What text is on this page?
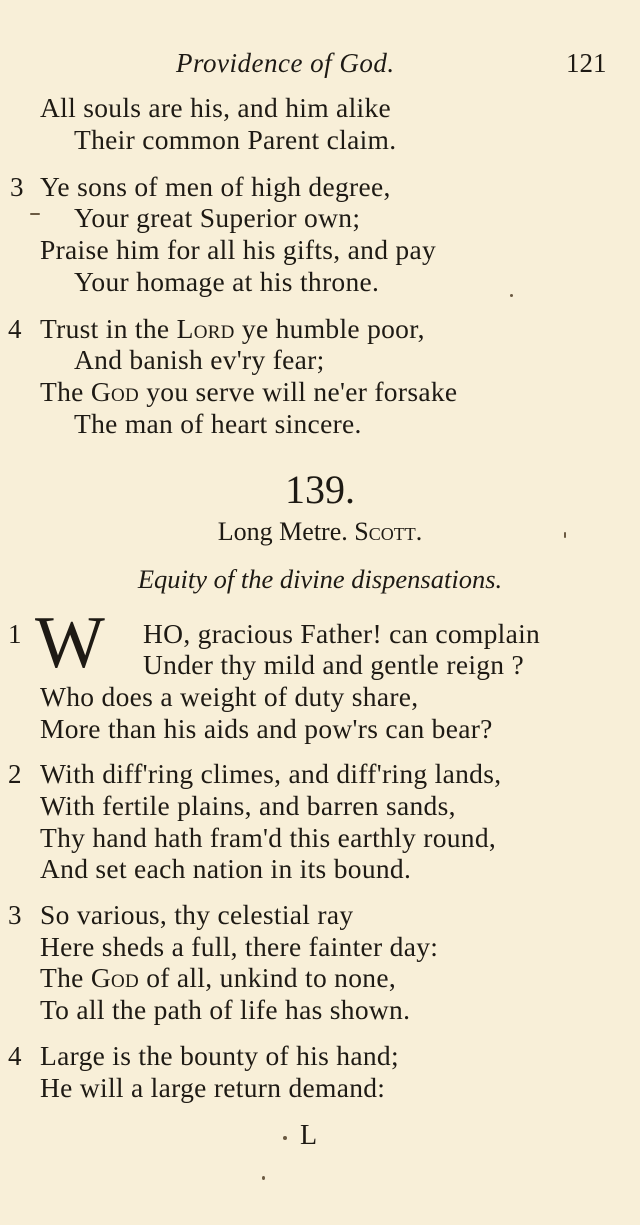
Providence of God.	121
All souls are his, and him alike
Their common Parent claim.
3 Ye sons of men of high degree,
Your great Superior own;
Praise him for all his gifts, and pay
Your homage at his throne.
4 Trust in the Lord ye humble poor,
And banish ev'ry fear;
The God you serve will ne'er forsake
The man of heart sincere.
139.
Long Metre. Scott.
Equity of the divine dispensations.
1 W HO, gracious Father! can complain
Under thy mild and gentle reign ?
Who does a weight of duty share,
More than his aids and pow'rs can bear?
2 With diff'ring climes, and diff'ring lands,
With fertile plains, and barren sands,
Thy hand hath fram'd this earthly round,
And set each nation in its bound.
3 So various, thy celestial ray
Here sheds a full, there fainter day:
The God of all, unkind to none,
To all the path of life has shown.
4 Large is the bounty of his hand;
He will a large return demand:
L
